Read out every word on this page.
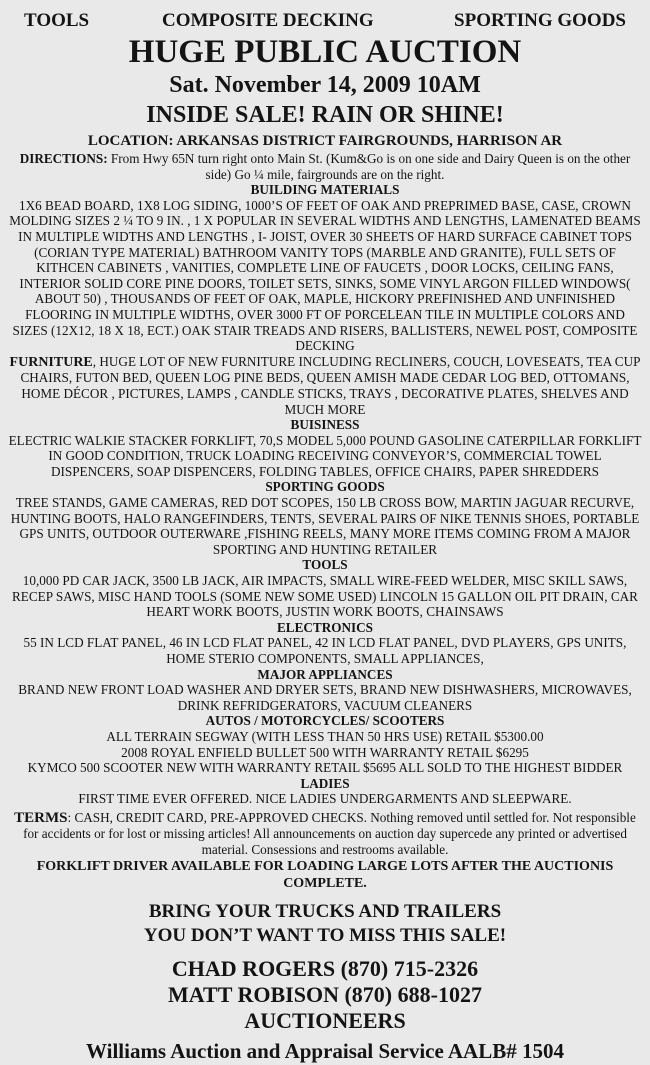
TOOLS	COMPOSITE DECKING	SPORTING GOODS
HUGE PUBLIC AUCTION
Sat. November 14, 2009 10AM
INSIDE SALE! RAIN OR SHINE!
LOCATION: ARKANSAS DISTRICT FAIRGROUNDS, HARRISON AR
DIRECTIONS: From Hwy 65N turn right onto Main St. (Kum&Go is on one side and Dairy Queen is on the other side) Go ¼ mile, fairgrounds are on the right.
BUILDING MATERIALS
1X6 BEAD BOARD, 1X8 LOG SIDING, 1000’S OF FEET OF OAK AND PREPRIMED BASE, CASE, CROWN MOLDING SIZES 2 ¼ TO 9 IN. , 1 X POPULAR IN SEVERAL WIDTHS AND LENGTHS, LAMENATED BEAMS IN MULTIPLE WIDTHS AND LENGTHS , I- JOIST, OVER 30 SHEETS OF HARD SURFACE CABINET TOPS (CORIAN TYPE MATERIAL) BATHROOM VANITY TOPS (MARBLE AND GRANITE), FULL SETS OF KITHCEN CABINETS , VANITIES, COMPLETE LINE OF FAUCETS , DOOR LOCKS, CEILING FANS, INTERIOR SOLID CORE PINE DOORS, TOILET SETS, SINKS, SOME VINYL ARGON FILLED WINDOWS( ABOUT 50) , THOUSANDS OF FEET OF OAK, MAPLE, HICKORY PREFINISHED AND UNFINISHED FLOORING IN MULTIPLE WIDTHS, OVER 3000 FT OF PORCELEAN TILE IN MULTIPLE COLORS AND SIZES (12X12, 18 X 18, ECT.) OAK STAIR TREADS AND RISERS, BALLISTERS, NEWEL POST, COMPOSITE DECKING
FURNITURE, HUGE LOT OF NEW FURNITURE INCLUDING RECLINERS, COUCH, LOVESEATS, TEA CUP CHAIRS, FUTON BED, QUEEN LOG PINE BEDS, QUEEN AMISH MADE CEDAR LOG BED, OTTOMANS, HOME DÉCOR , PICTURES, LAMPS , CANDLE STICKS, TRAYS , DECORATIVE PLATES, SHELVES AND MUCH MORE
BUISINESS
ELECTRIC WALKIE STACKER FORKLIFT, 70,S MODEL 5,000 POUND GASOLINE CATERPILLAR FORKLIFT IN GOOD CONDITION, TRUCK LOADING RECEIVING CONVEYOR’S, COMMERCIAL TOWEL DISPENCERS, SOAP DISPENCERS, FOLDING TABLES, OFFICE CHAIRS, PAPER SHREDDERS
SPORTING GOODS
TREE STANDS, GAME CAMERAS, RED DOT SCOPES, 150 LB CROSS BOW, MARTIN JAGUAR RECURVE, HUNTING BOOTS, HALO RANGEFINDERS, TENTS, SEVERAL PAIRS OF NIKE TENNIS SHOES, PORTABLE GPS UNITS, OUTDOOR OUTERWARE ,FISHING REELS, MANY MORE ITEMS COMING FROM A MAJOR SPORTING AND HUNTING RETAILER
TOOLS
10,000 PD CAR JACK, 3500 LB JACK, AIR IMPACTS, SMALL WIRE-FEED WELDER, MISC SKILL SAWS, RECEP SAWS, MISC HAND TOOLS (SOME NEW SOME USED) LINCOLN 15 GALLON OIL PIT DRAIN, CAR HEART WORK BOOTS, JUSTIN WORK BOOTS, CHAINSAWS
ELECTRONICS
55 IN LCD FLAT PANEL, 46 IN LCD FLAT PANEL, 42 IN LCD FLAT PANEL, DVD PLAYERS, GPS UNITS, HOME STERIO COMPONENTS, SMALL APPLIANCES,
MAJOR APPLIANCES
BRAND NEW FRONT LOAD WASHER AND DRYER SETS, BRAND NEW DISHWASHERS, MICROWAVES, DRINK REFRIDGERATORS, VACUUM CLEANERS
AUTOS / MOTORCYCLES/ SCOOTERS
ALL TERRAIN SEGWAY (WITH LESS THAN 50 HRS USE) RETAIL $5300.00
2008 ROYAL ENFIELD BULLET 500 WITH WARRANTY RETAIL $6295
KYMCO 500 SCOOTER NEW WITH WARRANTY RETAIL $5695 ALL SOLD TO THE HIGHEST BIDDER
LADIES
FIRST TIME EVER OFFERED. NICE LADIES UNDERGARMENTS AND SLEEPWARE.
TERMS: CASH, CREDIT CARD, PRE-APPROVED CHECKS. Nothing removed until settled for. Not responsible for accidents or for lost or missing articles! All announcements on auction day supercede any printed or advertised material. Consessions and restrooms available.
FORKLIFT DRIVER AVAILABLE FOR LOADING LARGE LOTS AFTER THE AUCTIONIS COMPLETE.
BRING YOUR TRUCKS AND TRAILERS
YOU DON’T WANT TO MISS THIS SALE!
CHAD ROGERS (870) 715-2326
MATT ROBISON (870) 688-1027
AUCTIONEERS
Williams Auction and Appraisal Service AALB# 1504
